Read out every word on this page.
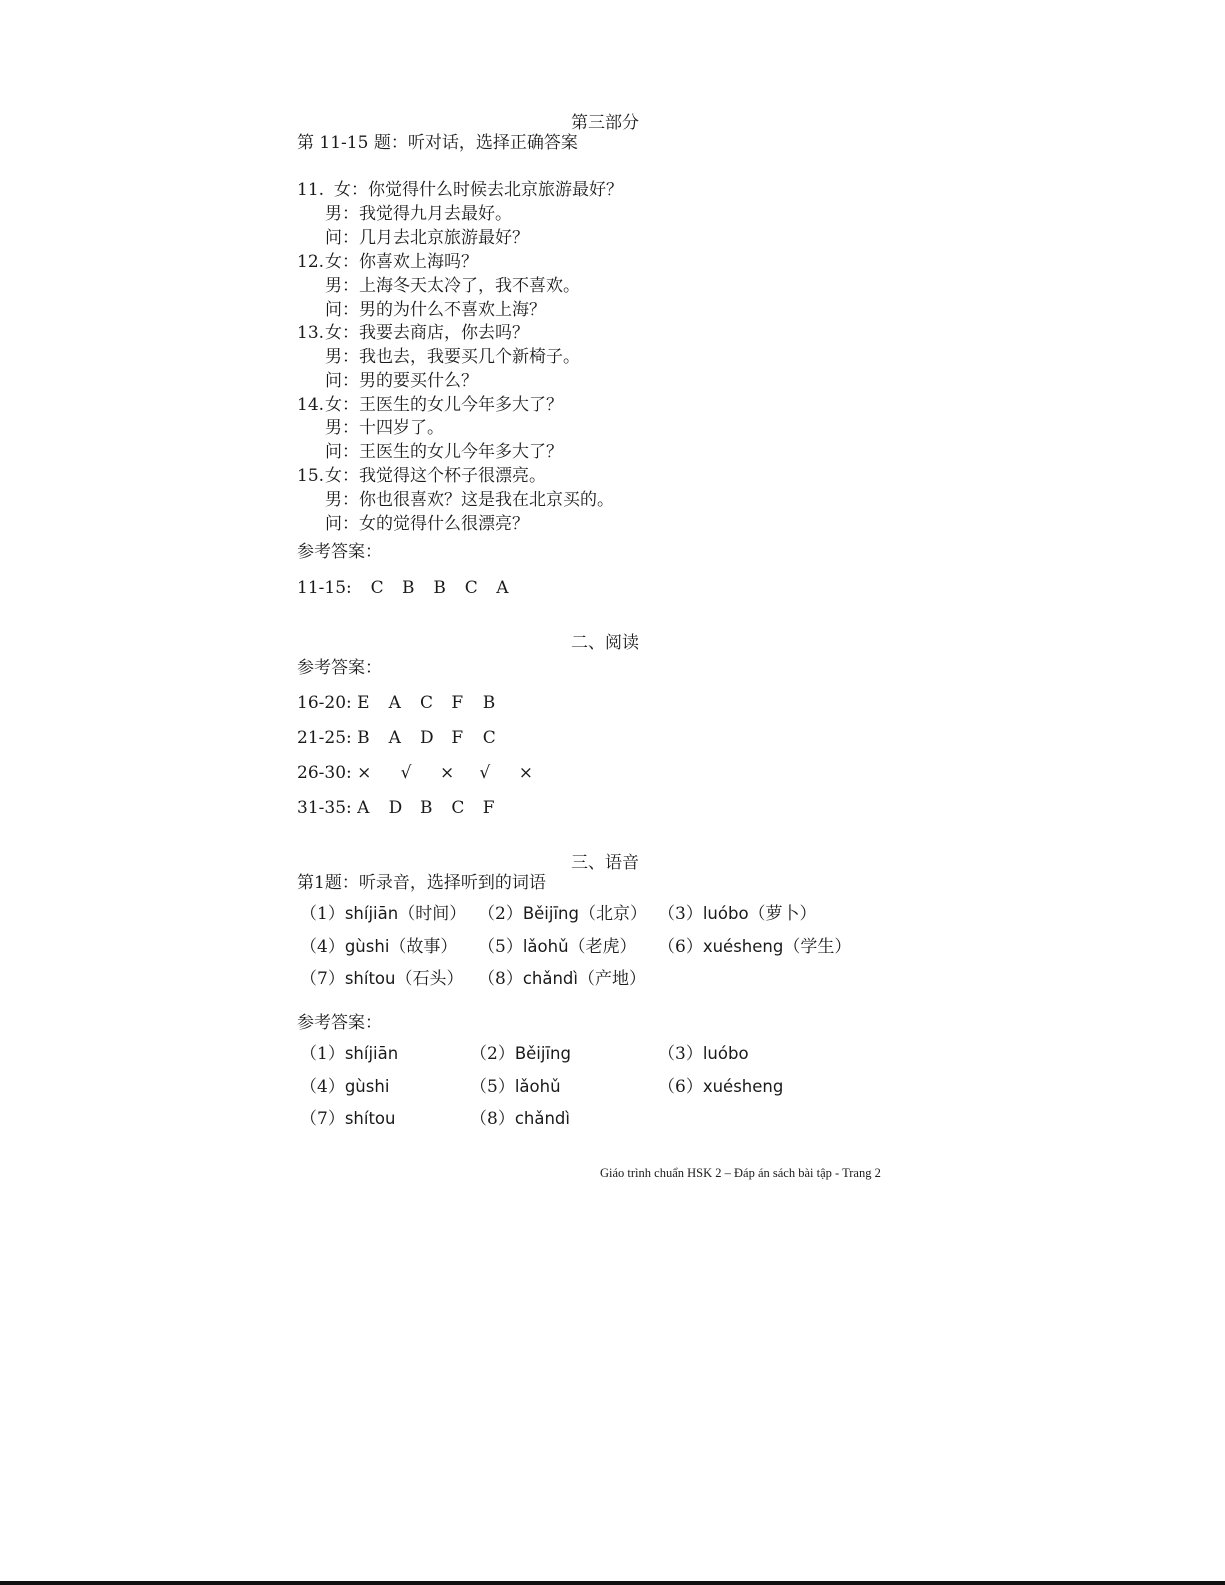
第三部分
第 11-15 题：听对话，选择正确答案
11. 女：你觉得什么时候去北京旅游最好？
男：我觉得九月去最好。
问：几月去北京旅游最好？
12. 女：你喜欢上海吗？
男：上海冬天太冷了，我不喜欢。
问：男的为什么不喜欢上海？
13. 女：我要去商店，你去吗？
男：我也去，我要买几个新椅子。
问：男的要买什么？
14. 女：王医生的女儿今年多大了？
男：十四岁了。
问：王医生的女儿今年多大了？
15. 女：我觉得这个杯子很漂亮。
男：你也很喜欢？这是我在北京买的。
问：女的觉得什么很漂亮？
参考答案：
11-15: C B B C A
二、阅读
参考答案：
16-20: E A C F B
21-25: B A D F C
26-30: × √ × √ ×
31-35: A D B C F
三、语音
第1题：听录音，选择听到的词语
（1）shíjiān（时间） （2）Běijīng（北京） （3）luóbo（萝卜）
（4）gùshi（故事） （5）lǎohǔ（老虎） （6）xuésheng（学生）
（7）shítou（石头） （8）chǎndì（产地）
参考答案：
（1）shíjiān	（2）Běijīng	（3）luóbo
（4）gùshi	（5）lǎohǔ	（6）xuésheng
（7）shítou	（8）chǎndì
Giáo trình chuẩn HSK 2 – Đáp án sách bài tập - Trang 2
